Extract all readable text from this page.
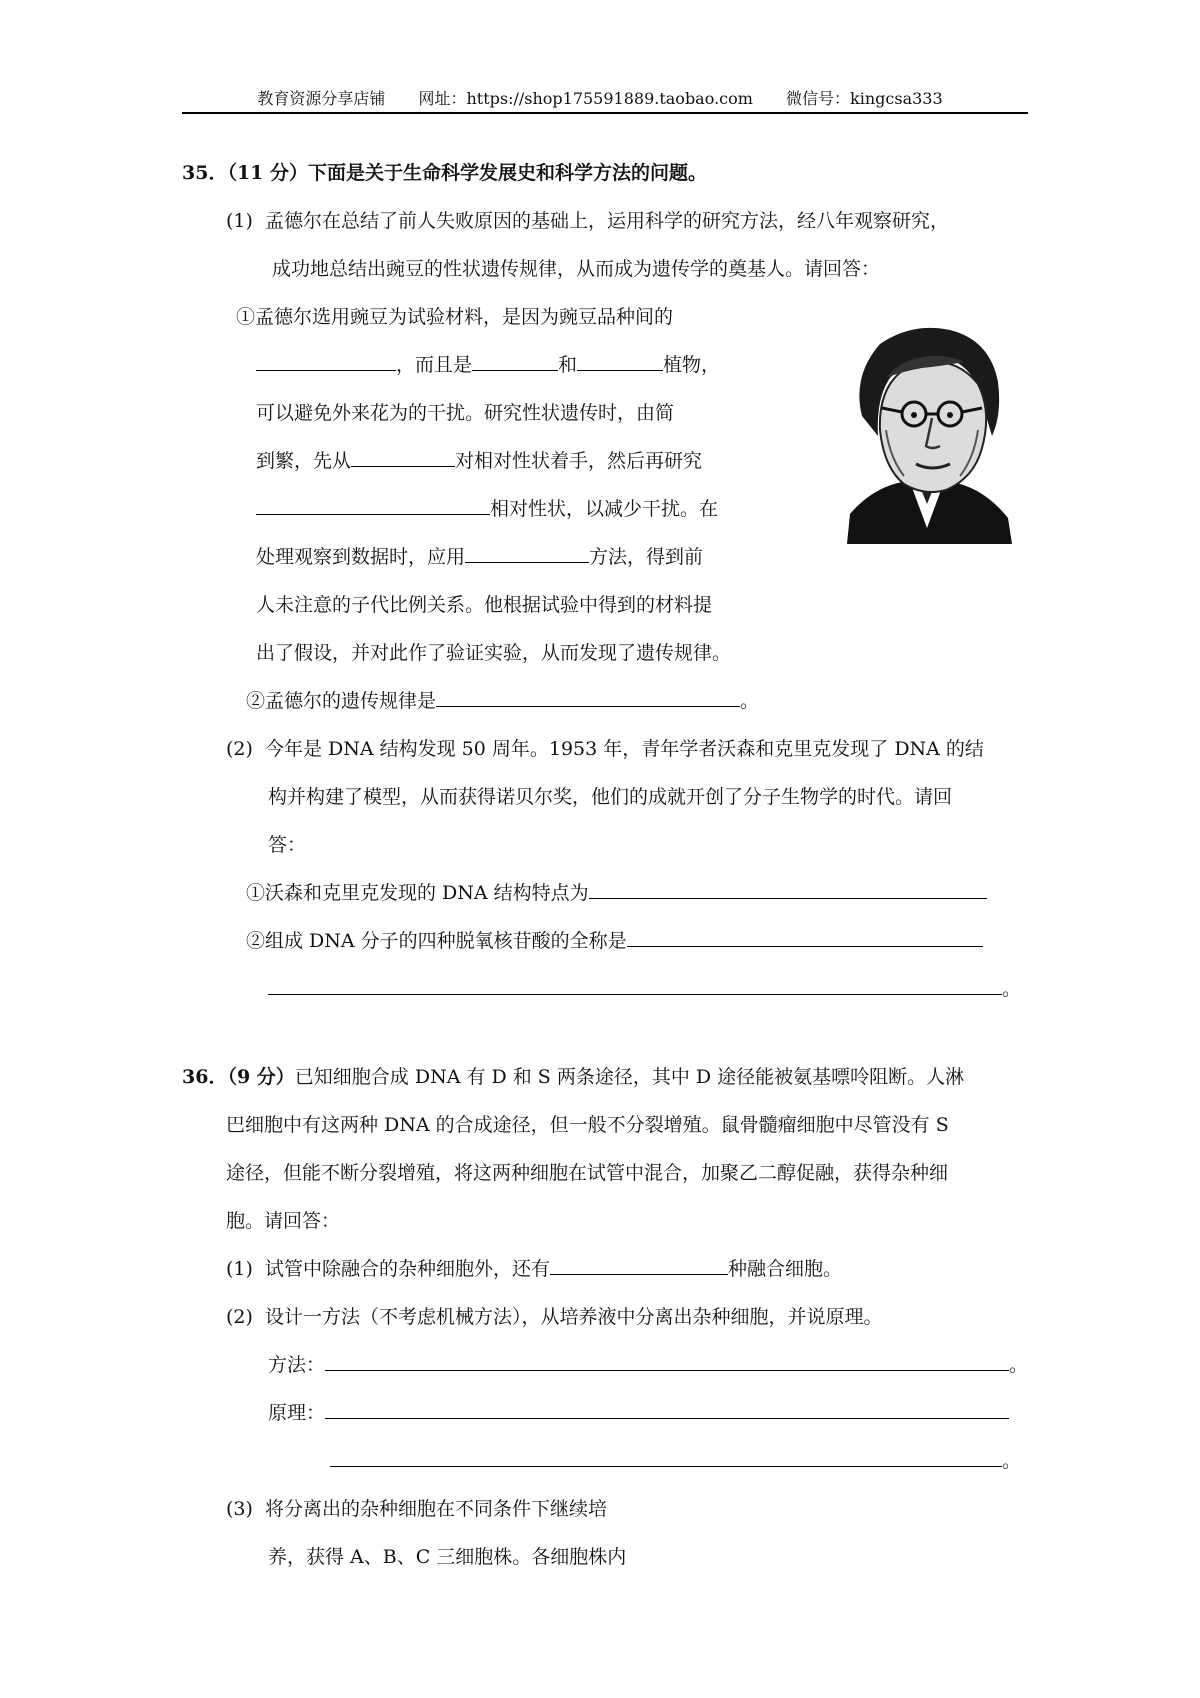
教育资源分享店铺 网址：https://shop175591889.taobao.com 微信号：kingcsa333
35．（11 分）下面是关于生命科学发展史和科学方法的问题。
(1) 孟德尔在总结了前人失败原因的基础上，运用科学的研究方法，经八年观察研究，
成功地总结出豌豆的性状遗传规律，从而成为遗传学的奠基人。请回答：
①孟德尔选用豌豆为试验材料，是因为豌豆品种间的
，而且是	和	植物，
可以避免外来花为的干扰。研究性状遗传时，由简
到繁，先从	对相对性状着手，然后再研究
相对性状，以减少干扰。在
处理观察到数据时，应用	方法，得到前
人未注意的子代比例关系。他根据试验中得到的材料提
出了假设，并对此作了验证实验，从而发现了遗传规律。
②孟德尔的遗传规律是	。
(2) 今年是 DNA 结构发现 50 周年。1953 年，青年学者沃森和克里克发现了 DNA 的结
构并构建了模型，从而获得诺贝尔奖，他们的成就开创了分子生物学的时代。请回
答：
①沃森和克里克发现的 DNA 结构特点为
②组成 DNA 分子的四种脱氧核苷酸的全称是
。
36．（9 分）已知细胞合成 DNA 有 D 和 S 两条途径，其中 D 途径能被氨基嘌呤阻断。人淋
巴细胞中有这两种 DNA 的合成途径，但一般不分裂增殖。鼠骨髓瘤细胞中尽管没有 S
途径，但能不断分裂增殖，将这两种细胞在试管中混合，加聚乙二醇促融，获得杂种细
胞。请回答：
(1) 试管中除融合的杂种细胞外，还有	种融合细胞。
(2) 设计一方法（不考虑机械方法），从培养液中分离出杂种细胞，并说原理。
方法：	。
原理：
。
(3) 将分离出的杂种细胞在不同条件下继续培
养，获得 A、B、C 三细胞株。各细胞株内
